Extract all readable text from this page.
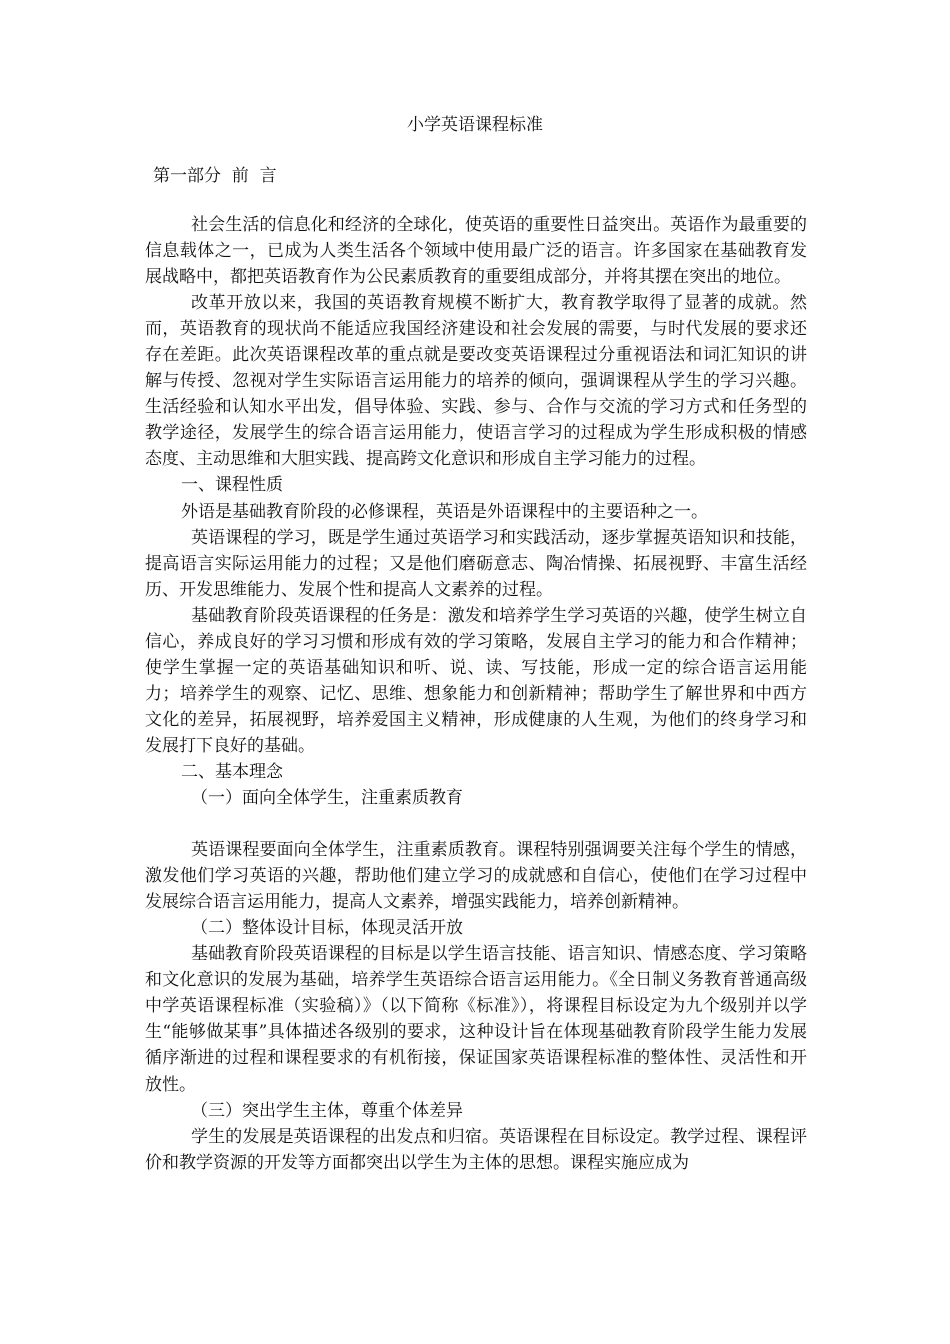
小学英语课程标准
第一部分  前  言

社会生活的信息化和经济的全球化，使英语的重要性日益突出。英语作为最重要的信息载体之一，已成为人类生活各个领域中使用最广泛的语言。许多国家在基础教育发展战略中，都把英语教育作为公民素质教育的重要组成部分，并将其摆在突出的地位。

改革开放以来，我国的英语教育规模不断扩大，教育教学取得了显著的成就。然而，英语教育的现状尚不能适应我国经济建设和社会发展的需要，与时代发展的要求还存在差距。此次英语课程改革的重点就是要改变英语课程过分重视语法和词汇知识的讲解与传授、忽视对学生实际语言运用能力的培养的倾向，强调课程从学生的学习兴趣。生活经验和认知水平出发，倡导体验、实践、参与、合作与交流的学习方式和任务型的教学途径，发展学生的综合语言运用能力，使语言学习的过程成为学生形成积极的情感态度、主动思维和大胆实践、提高跨文化意识和形成自主学习能力的过程。

一、课程性质

外语是基础教育阶段的必修课程，英语是外语课程中的主要语种之一。

英语课程的学习，既是学生通过英语学习和实践活动，逐步掌握英语知识和技能，提高语言实际运用能力的过程；又是他们磨砺意志、陶冶情操、拓展视野、丰富生活经历、开发思维能力、发展个性和提高人文素养的过程。

基础教育阶段英语课程的任务是：激发和培养学生学习英语的兴趣，使学生树立自信心，养成良好的学习习惯和形成有效的学习策略，发展自主学习的能力和合作精神；使学生掌握一定的英语基础知识和听、说、读、写技能，形成一定的综合语言运用能力；培养学生的观察、记忆、思维、想象能力和创新精神；帮助学生了解世界和中西方文化的差异，拓展视野，培养爱国主义精神，形成健康的人生观，为他们的终身学习和发展打下良好的基础。

二、基本理念

（一）面向全体学生，注重素质教育

英语课程要面向全体学生，注重素质教育。课程特别强调要关注每个学生的情感，激发他们学习英语的兴趣，帮助他们建立学习的成就感和自信心，使他们在学习过程中发展综合语言运用能力，提高人文素养，增强实践能力，培养创新精神。

（二）整体设计目标，体现灵活开放

基础教育阶段英语课程的目标是以学生语言技能、语言知识、情感态度、学习策略和文化意识的发展为基础，培养学生英语综合语言运用能力。《全日制义务教育普通高级中学英语课程标准（实验稿）》（以下简称《标准》），将课程目标设定为九个级别并以学生“能够做某事”具体描述各级别的要求，这种设计旨在体现基础教育阶段学生能力发展循序渐进的过程和课程要求的有机衔接，保证国家英语课程标准的整体性、灵活性和开放性。

（三）突出学生主体，尊重个体差异

学生的发展是英语课程的出发点和归宿。英语课程在目标设定。教学过程、课程评价和教学资源的开发等方面都突出以学生为主体的思想。课程实施应成为
